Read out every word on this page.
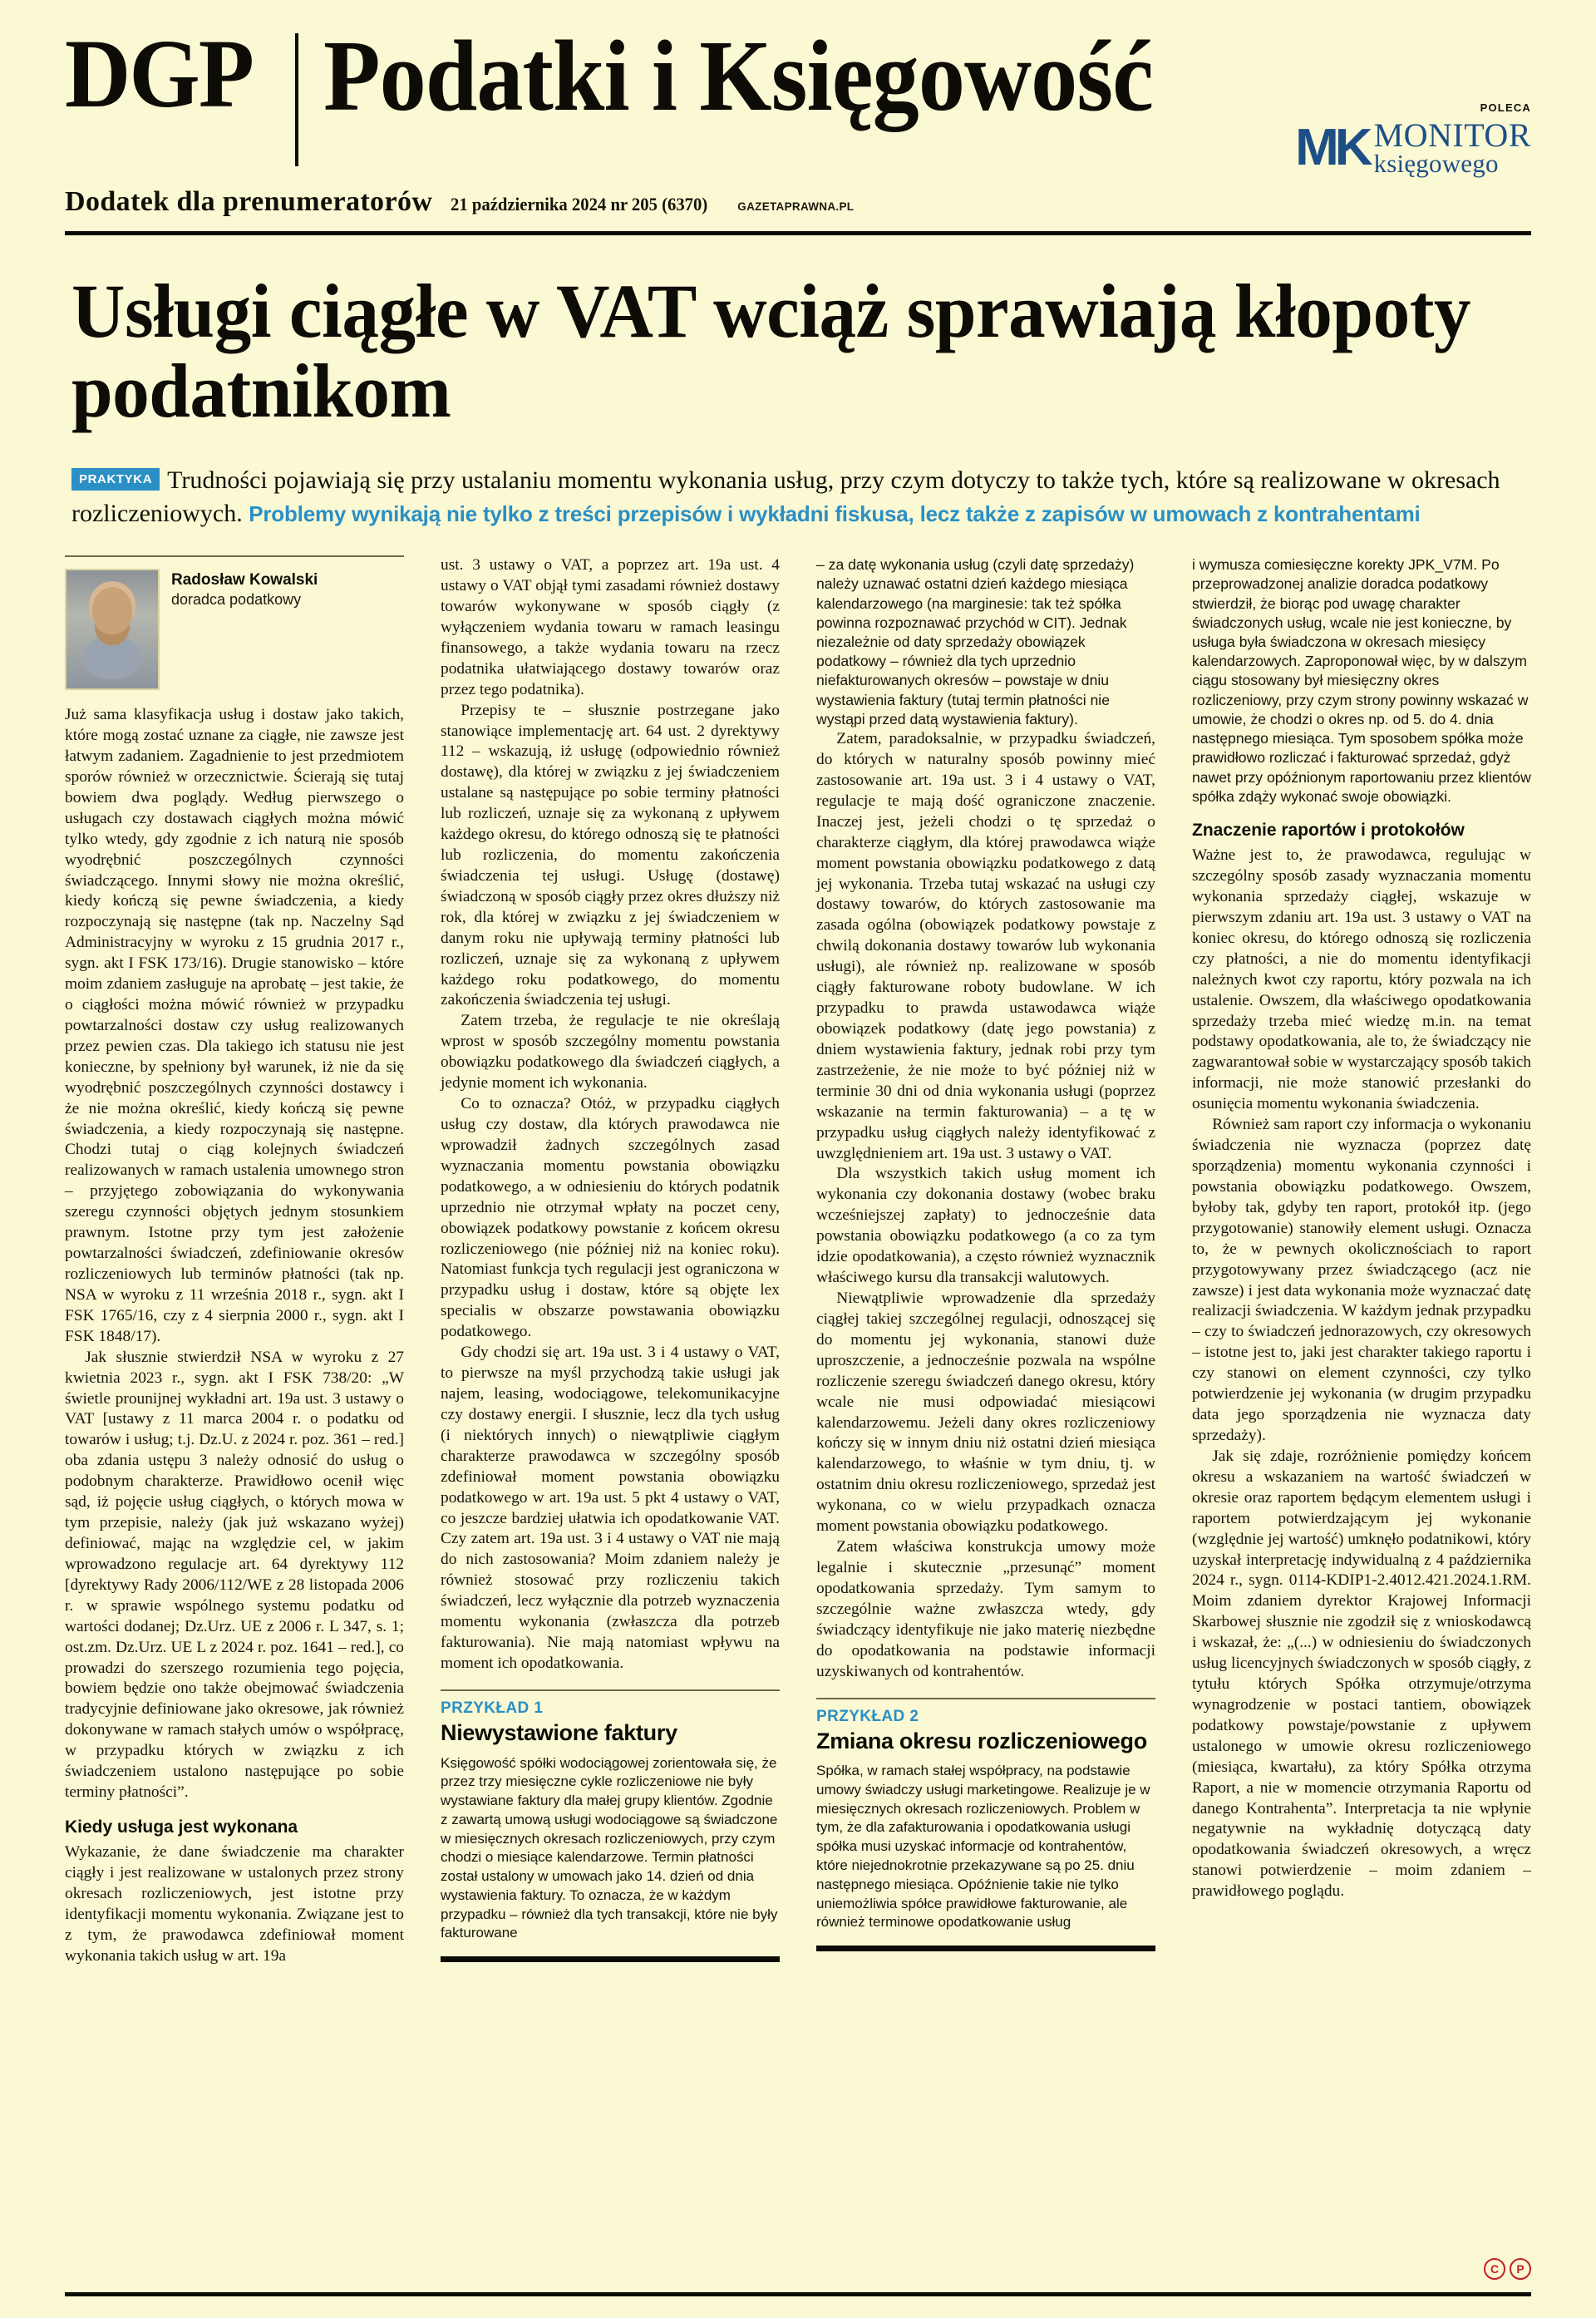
DGP Podatki i Księgowość
Dodatek dla prenumeratorów 21 października 2024 nr 205 (6370)	GAZETAPRAWNA.PL
POLECA
MK MONITOR
księgowego
Usługi ciągłe w VAT wciąż sprawiają kłopoty podatnikom
PRAKTYKA Trudności pojawiają się przy ustalaniu momentu wykonania usług, przy czym dotyczy to także tych, które są realizowane w okresach rozliczeniowych. Problemy wynikają nie tylko z treści przepisów i wykładni fiskusa, lecz także z zapisów w umowach z kontrahentami
Radosław Kowalski
doradca podatkowy

Już sama klasyfikacja usług i dostaw jako takich, które mogą zostać uznane za ciągłe, nie zawsze jest łatwym zadaniem. Zagadnienie to jest przedmiotem sporów również w orzecznictwie. Ścierają się tutaj bowiem dwa poglądy. Według pierwszego o usługach czy dostawach ciągłych można mówić tylko wtedy, gdy zgodnie z ich naturą nie sposób wyodrębnić poszczególnych czynności świadczącego. Innymi słowy nie można określić, kiedy kończą się pewne świadczenia, a kiedy rozpoczynają się następne (tak np. Naczelny Sąd Administracyjny w wyroku z 15 grudnia 2017 r., sygn. akt I FSK 173/16). Drugie stanowisko – które moim zdaniem zasługuje na aprobatę – jest takie, że o ciągłości można mówić również w przypadku powtarzalności dostaw czy usług realizowanych przez pewien czas. Dla takiego ich statusu nie jest konieczne, by spełniony był warunek, iż nie da się wyodrębnić poszczególnych czynności dostawcy i że nie można określić, kiedy kończą się pewne świadczenia, a kiedy rozpoczynają się następne. Chodzi tutaj o ciąg kolejnych świadczeń realizowanych w ramach ustalenia umownego stron – przyjętego zobowiązania do wykonywania szeregu czynności objętych jednym stosunkiem prawnym. Istotne przy tym jest założenie powtarzalności świadczeń, zdefiniowanie okresów rozliczeniowych lub terminów płatności (tak np. NSA w wyroku z 11 września 2018 r., sygn. akt I FSK 1765/16, czy z 4 sierpnia 2000 r., sygn. akt I FSK 1848/17).

Jak słusznie stwierdził NSA w wyroku z 27 kwietnia 2023 r., sygn. akt I FSK 738/20: „W świetle prounijnej wykładni art. 19a ust. 3 ustawy o VAT [ustawy z 11 marca 2004 r. o podatku od towarów i usług; t.j. Dz.U. z 2024 r. poz. 361 – red.] oba zdania ustępu 3 należy odnosić do usług o podobnym charakterze. Prawidłowo ocenił więc sąd, iż pojęcie usług ciągłych, o których mowa w tym przepisie, należy (jak już wskazano wyżej) definiować, mając na względzie cel, w jakim wprowadzono regulacje art. 64 dyrektywy 112 [dyrektywy Rady 2006/112/WE z 28 listopada 2006 r. w sprawie wspólnego systemu podatku od wartości dodanej; Dz.Urz. UE z 2006 r. L 347, s. 1; ost.zm. Dz.Urz. UE L z 2024 r. poz. 1641 – red.], co prowadzi do szerszego rozumienia tego pojęcia, bowiem będzie ono także obejmować świadczenia tradycyjnie definiowane jako okresowe, jak również dokonywane w ramach stałych umów o współpracę, w przypadku których w związku z ich świadczeniem ustalono następujące po sobie terminy płatności”.

Kiedy usługa jest wykonana

Wykazanie, że dane świadczenie ma charakter ciągły i jest realizowane w ustalonych przez strony okresach rozliczeniowych, jest istotne przy identyfikacji momentu wykonania. Związane jest to z tym, że prawodawca zdefiniował moment wykonania takich usług w art. 19a

ust. 3 ustawy o VAT, a poprzez art. 19a ust. 4 ustawy o VAT objął tymi zasadami również dostawy towarów wykonywane w sposób ciągły (z wyłączeniem wydania towaru w ramach leasingu finansowego, a także wydania towaru na rzecz podatnika ułatwiającego dostawy towarów oraz przez tego podatnika).

Przepisy te – słusznie postrzegane jako stanowiące implementację art. 64 ust. 2 dyrektywy 112 – wskazują, iż usługę (odpowiednio również dostawę), dla której w związku z jej świadczeniem ustalane są następujące po sobie terminy płatności lub rozliczeń, uznaje się za wykonaną z upływem każdego okresu, do którego odnoszą się te płatności lub rozliczenia, do momentu zakończenia świadczenia tej usługi. Usługę (dostawę) świadczoną w sposób ciągły przez okres dłuższy niż rok, dla której w związku z jej świadczeniem w danym roku nie upływają terminy płatności lub rozliczeń, uznaje się za wykonaną z upływem każdego roku podatkowego, do momentu zakończenia świadczenia tej usługi.

Zatem trzeba, że regulacje te nie określają wprost w sposób szczególny momentu powstania obowiązku podatkowego dla świadczeń ciągłych, a jedynie moment ich wykonania.

Co to oznacza? Otóż, w przypadku ciągłych usług czy dostaw, dla których prawodawca nie wprowadził żadnych szczególnych zasad wyznaczania momentu powstania obowiązku podatkowego, a w odniesieniu do których podatnik uprzednio nie otrzymał wpłaty na poczet ceny, obowiązek podatkowy powstanie z końcem okresu rozliczeniowego (nie później niż na koniec roku). Natomiast funkcja tych regulacji jest ograniczona w przypadku usług i dostaw, które są objęte lex specialis w obszarze powstawania obowiązku podatkowego.

Gdy chodzi się art. 19a ust. 3 i 4 ustawy o VAT, to pierwsze na myśl przychodzą takie usługi jak najem, leasing, wodociągowe, telekomunikacyjne czy dostawy energii. I słusznie, lecz dla tych usług (i niektórych innych) o niewątpliwie ciągłym charakterze prawodawca w szczególny sposób zdefiniował moment powstania obowiązku podatkowego w art. 19a ust. 5 pkt 4 ustawy o VAT, co jeszcze bardziej ułatwia ich opodatkowanie VAT. Czy zatem art. 19a ust. 3 i 4 ustawy o VAT nie mają do nich zastosowania? Moim zdaniem należy je również stosować przy rozliczeniu takich świadczeń, lecz wyłącznie dla potrzeb wyznaczenia momentu wykonania (zwłaszcza dla potrzeb fakturowania). Nie mają natomiast wpływu na moment ich opodatkowania.

PRZYKŁAD 1
Niewystawione faktury
Księgowość spółki wodociągowej zorientowała się, że przez trzy miesięczne cykle rozliczeniowe nie były wystawiane faktury dla małej grupy klientów. Zgodnie z zawartą umową usługi wodociągowe są świadczone w miesięcznych okresach rozliczeniowych, przy czym chodzi o miesiące kalendarzowe. Termin płatności został ustalony w umowach jako 14. dzień od dnia wystawienia faktury. To oznacza, że w każdym przypadku – również dla tych transakcji, które nie były fakturowane

– za datę wykonania usług (czyli datę sprzedaży) należy uznawać ostatni dzień każdego miesiąca kalendarzowego (na marginesie: tak też spółka powinna rozpoznawać przychód w CIT). Jednak niezależnie od daty sprzedaży obowiązek podatkowy – również dla tych uprzednio niefakturowanych okresów – powstaje w dniu wystawienia faktury (tutaj termin płatności nie wystąpi przed datą wystawienia faktury).

Zatem, paradoksalnie, w przypadku świadczeń, do których w naturalny sposób powinny mieć zastosowanie art. 19a ust. 3 i 4 ustawy o VAT, regulacje te mają dość ograniczone znaczenie. Inaczej jest, jeżeli chodzi o tę sprzedaż o charakterze ciągłym, dla której prawodawca wiąże moment powstania obowiązku podatkowego z datą jej wykonania. Trzeba tutaj wskazać na usługi czy dostawy towarów, do których zastosowanie ma zasada ogólna (obowiązek podatkowy powstaje z chwilą dokonania dostawy towarów lub wykonania usługi), ale również np. realizowane w sposób ciągły fakturowane roboty budowlane. W ich przypadku to prawda ustawodawca wiąże obowiązek podatkowy (datę jego powstania) z dniem wystawienia faktury, jednak robi przy tym zastrzeżenie, że nie może to być później niż w terminie 30 dni od dnia wykonania usługi (poprzez wskazanie na termin fakturowania) – a tę w przypadku usług ciągłych należy identyfikować z uwzględnieniem art. 19a ust. 3 ustawy o VAT.

Dla wszystkich takich usług moment ich wykonania czy dokonania dostawy (wobec braku wcześniejszej zapłaty) to jednocześnie data powstania obowiązku podatkowego (a co za tym idzie opodatkowania), a często również wyznacznik właściwego kursu dla transakcji walutowych.

Niewątpliwie wprowadzenie dla sprzedaży ciągłej takiej szczególnej regulacji, odnoszącej się do momentu jej wykonania, stanowi duże uproszczenie, a jednocześnie pozwala na wspólne rozliczenie szeregu świadczeń danego okresu, który wcale nie musi odpowiadać miesiącowi kalendarzowemu. Jeżeli dany okres rozliczeniowy kończy się w innym dniu niż ostatni dzień miesiąca kalendarzowego, to właśnie w tym dniu, tj. w ostatnim dniu okresu rozliczeniowego, sprzedaż jest wykonana, co w wielu przypadkach oznacza moment powstania obowiązku podatkowego.

Zatem właściwa konstrukcja umowy może legalnie i skutecznie „przesunąć” moment opodatkowania sprzedaży. Tym samym to szczególnie ważne zwłaszcza wtedy, gdy świadczący identyfikuje nie jako materię niezbędne do opodatkowania na podstawie informacji uzyskiwanych od kontrahentów.

PRZYKŁAD 2
Zmiana okresu rozliczeniowego
Spółka, w ramach stałej współpracy, na podstawie umowy świadczy usługi marketingowe. Realizuje je w miesięcznych okresach rozliczeniowych. Problem w tym, że dla zafakturowania i opodatkowania usługi spółka musi uzyskać informacje od kontrahentów, które niejednokrotnie przekazywane są po 25. dniu następnego miesiąca. Opóźnienie takie nie tylko uniemożliwia spółce prawidłowe fakturowanie, ale również terminowe opodatkowanie usług

i wymusza comiesięczne korekty JPK_V7M. Po przeprowadzonej analizie doradca podatkowy stwierdził, że biorąc pod uwagę charakter świadczonych usług, wcale nie jest konieczne, by usługa była świadczona w okresach miesięcy kalendarzowych. Zaproponował więc, by w dalszym ciągu stosowany był miesięczny okres rozliczeniowy, przy czym strony powinny wskazać w umowie, że chodzi o okres np. od 5. do 4. dnia następnego miesiąca. Tym sposobem spółka może prawidłowo rozliczać i fakturować sprzedaż, gdyż nawet przy opóźnionym raportowaniu przez klientów spółka zdąży wykonać swoje obowiązki.

Znaczenie raportów i protokołów

Ważne jest to, że prawodawca, regulując w szczególny sposób zasady wyznaczania momentu wykonania sprzedaży ciągłej, wskazuje w pierwszym zdaniu art. 19a ust. 3 ustawy o VAT na koniec okresu, do którego odnoszą się rozliczenia czy płatności, a nie do momentu identyfikacji należnych kwot czy raportu, który pozwala na ich ustalenie. Owszem, dla właściwego opodatkowania sprzedaży trzeba mieć wiedzę m.in. na temat podstawy opodatkowania, ale to, że świadczący nie zagwarantował sobie w wystarczający sposób takich informacji, nie może stanowić przesłanki do osunięcia momentu wykonania świadczenia.

Również sam raport czy informacja o wykonaniu świadczenia nie wyznacza (poprzez datę sporządzenia) momentu wykonania czynności i powstania obowiązku podatkowego. Owszem, byłoby tak, gdyby ten raport, protokół itp. (jego przygotowanie) stanowiły element usługi. Oznacza to, że w pewnych okolicznościach to raport przygotowywany przez świadczącego (acz nie zawsze) i jest data wykonania może wyznaczać datę realizacji świadczenia. W każdym jednak przypadku – czy to świadczeń jednorazowych, czy okresowych – istotne jest to, jaki jest charakter takiego raportu i czy stanowi on element czynności, czy tylko potwierdzenie jej wykonania (w drugim przypadku data jego sporządzenia nie wyznacza daty sprzedaży).

Jak się zdaje, rozróżnienie pomiędzy końcem okresu a wskazaniem na wartość świadczeń w okresie oraz raportem będącym elementem usługi i raportem potwierdzającym jej wykonanie (względnie jej wartość) umknęło podatnikowi, który uzyskał interpretację indywidualną z 4 października 2024 r., sygn. 0114-KDIP1-2.4012.421.2024.1.RM. Moim zdaniem dyrektor Krajowej Informacji Skarbowej słusznie nie zgodził się z wnioskodawcą i wskazał, że: „(...) w odniesieniu do świadczonych usług licencyjnych świadczonych w sposób ciągły, z tytułu których Spółka otrzymuje/otrzyma wynagrodzenie w postaci tantiem, obowiązek podatkowy powstaje/powstanie z upływem ustalonego w umowie okresu rozliczeniowego (miesiąca, kwartału), za który Spółka otrzyma Raport, a nie w momencie otrzymania Raportu od danego Kontrahenta”. Interpretacja ta nie wpłynie negatywnie na wykładnię dotyczącą daty opodatkowania świadczeń okresowych, a wręcz stanowi potwierdzenie – moim zdaniem – prawidłowego poglądu.

C	P
